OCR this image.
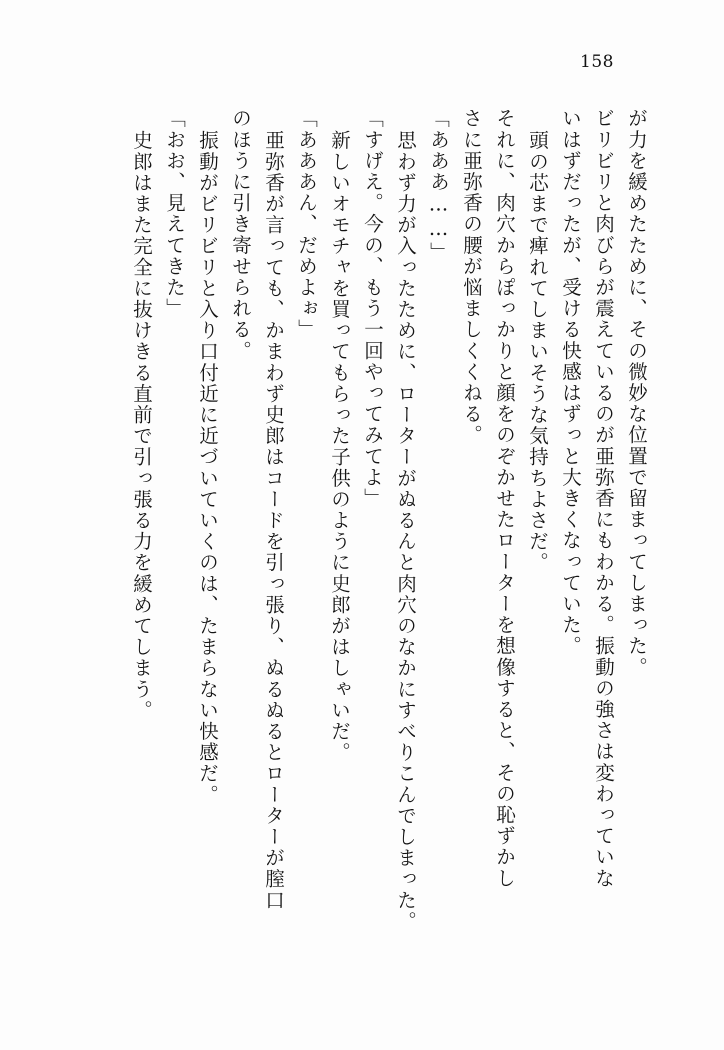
158
が力を緩めたために、その微妙な位置で留まってしまった。
ビリビリと肉びらが震えているのが亜弥香にもわかる。振動の強さは変わっていな
いはずだったが、受ける快感はずっと大きくなっていた。
頭の芯まで痺れてしまいそうな気持ちよさだ。
それに、肉穴からぽっかりと顔をのぞかせたローターを想像すると、その恥ずかし
さに亜弥香の腰が悩ましくくねる。
「あああ……」
思わず力が入ったために、ローターがぬるんと肉穴のなかにすべりこんでしまった。
「すげえ。今の、もう一回やってみてよ」
新しいオモチャを買ってもらった子供のように史郎がはしゃいだ。
「あああん、だめよぉ」
亜弥香が言っても、かまわず史郎はコードを引っ張り、ぬるぬるとローターが膣口
のほうに引き寄せられる。
振動がビリビリと入り口付近に近づいていくのは、たまらない快感だ。
「おお、見えてきた」
史郎はまた完全に抜けきる直前で引っ張る力を緩めてしまう。
